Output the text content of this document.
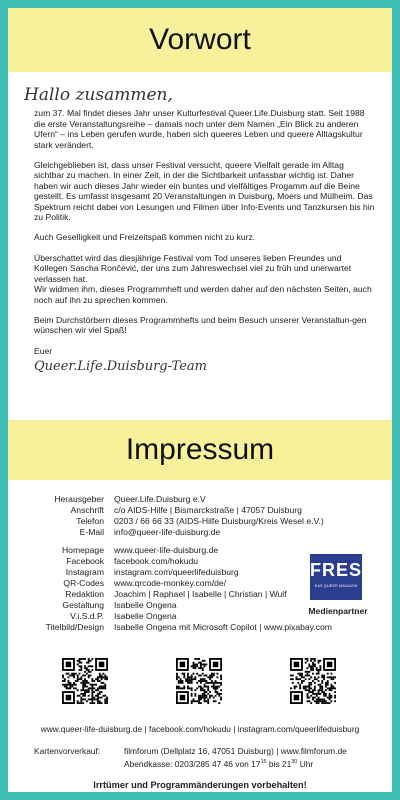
Vorwort
Hallo zusammen,

zum 37. Mal findet dieses Jahr unser Kulturfestival Queer.Life.Duisburg statt. Seit 1988 die erste Veranstaltungsreihe – damals noch unter dem Namen „Ein Blick zu anderen Ufern“ – ins Leben gerufen wurde, haben sich queeres Leben und queere Alltagskultur stark verändert.

Gleichgeblieben ist, dass unser Festival versucht, queere Vielfalt gerade im Alltag sichtbar zu machen. In einer Zeit, in der die Sichtbarkeit unfassbar wichtig ist. Daher haben wir auch dieses Jahr wieder ein buntes und vielfältiges Progamm auf die Beine gestellt. Es umfasst insgesamt 20 Veranstaltungen in Duisburg, Moers und Mülheim. Das Spektrum reicht dabei von Lesungen und Filmen über Info-Events und Tanzkursen bis hin zu Politik.

Auch Geselligkeit und Freizeitspaß kommen nicht zu kurz.

Überschattet wird das diesjährige Festival vom Tod unseres lieben Freundes und Kollegen Sascha Rončević, der uns zum Jahreswechsel viel zu früh und unerwartet verlassen hat.
Wir widmen ihm, dieses Programmheft und werden daher auf den nächsten Seiten, auch noch auf ihn zu sprechen kommen.

Beim Durchstörbern dieses Programmhefts und beim Besuch unserer Veranstaltun-gen wünschen wir viel Spaß!

Euer

Queer.Life.Duisburg-Team
Impressum
Herausgeber	Queer.Life.Duisburg e.V
Anschrift	c/o AIDS-Hilfe | Bismarckstraße | 47057 Duisburg
Telefon	0203 / 66 66 33 (AIDS-Hilfe Duisburg/Kreis Wesel e.V.)
E-Mail	info@queer-life-duisburg.de
Homepage	www.queer-life-duisburg.de
Facebook	facebook.com/hokudu
Instagram	instagram.com/queerlifeduisburg
QR-Codes	www.qrcode-monkey.com/de/
Redaktion	Joachim | Raphael | Isabelle | Christian | Wulf
Gestaltung	Isabelle Ongena
V.i.S.d.P.	Isabelle Ongena
Titelbild/Design	Isabelle Ongena mit Microsoft Copilot | www.pixabay.com
FRESH
DAS QUEER MAGAZIN
Medienpartner
www.queer-life-duisburg.de | facebook.com/hokudu | instagram.com/queerlifeduisburg
Kartenvorverkauf:	filmforum (Dellplatz 16, 47051 Duisburg) | www.filmforum.de
Abendkasse: 0203/285 47 46 von $17^{15}$ bis $21^{30}$ Uhr
Irrtümer und Programmänderungen vorbehalten!
